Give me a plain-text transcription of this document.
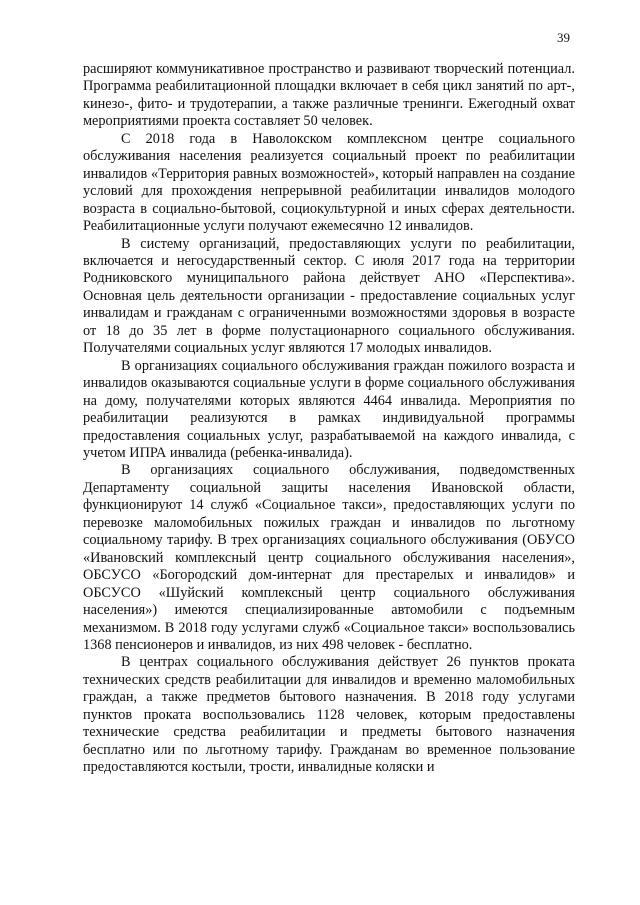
39

расширяют коммуникативное пространство и развивают творческий потенциал. Программа реабилитационной площадки включает в себя цикл занятий по арт-, кинезо-, фито- и трудотерапии, а также различные тренинги. Ежегодный охват мероприятиями проекта составляет 50 человек.

С 2018 года в Наволокском комплексном центре социального обслуживания населения реализуется социальный проект по реабилитации инвалидов «Территория равных возможностей», который направлен на создание условий для прохождения непрерывной реабилитации инвалидов молодого возраста в социально-бытовой, социокультурной и иных сферах деятельности. Реабилитационные услуги получают ежемесячно 12 инвалидов.

В систему организаций, предоставляющих услуги по реабилитации, включается и негосударственный сектор. С июля 2017 года на территории Родниковского муниципального района действует АНО «Перспектива». Основная цель деятельности организации - предоставление социальных услуг инвалидам и гражданам с ограниченными возможностями здоровья в возрасте от 18 до 35 лет в форме полустационарного социального обслуживания. Получателями социальных услуг являются 17 молодых инвалидов.

В организациях социального обслуживания граждан пожилого возраста и инвалидов оказываются социальные услуги в форме социального обслуживания на дому, получателями которых являются 4464 инвалида. Мероприятия по реабилитации реализуются в рамках индивидуальной программы предоставления социальных услуг, разрабатываемой на каждого инвалида, с учетом ИПРА инвалида (ребенка-инвалида).

В организациях социального обслуживания, подведомственных Департаменту социальной защиты населения Ивановской области, функционируют 14 служб «Социальное такси», предоставляющих услуги по перевозке маломобильных пожилых граждан и инвалидов по льготному социальному тарифу. В трех организациях социального обслуживания (ОБУСО «Ивановский комплексный центр социального обслуживания населения», ОБСУСО «Богородский дом-интернат для престарелых и инвалидов» и ОБСУСО «Шуйский комплексный центр социального обслуживания населения») имеются специализированные автомобили с подъемным механизмом. В 2018 году услугами служб «Социальное такси» воспользовались 1368 пенсионеров и инвалидов, из них 498 человек - бесплатно.

В центрах социального обслуживания действует 26 пунктов проката технических средств реабилитации для инвалидов и временно маломобильных граждан, а также предметов бытового назначения. В 2018 году услугами пунктов проката воспользовались 1128 человек, которым предоставлены технические средства реабилитации и предметы бытового назначения бесплатно или по льготному тарифу. Гражданам во временное пользование предоставляются костыли, трости, инвалидные коляски и
